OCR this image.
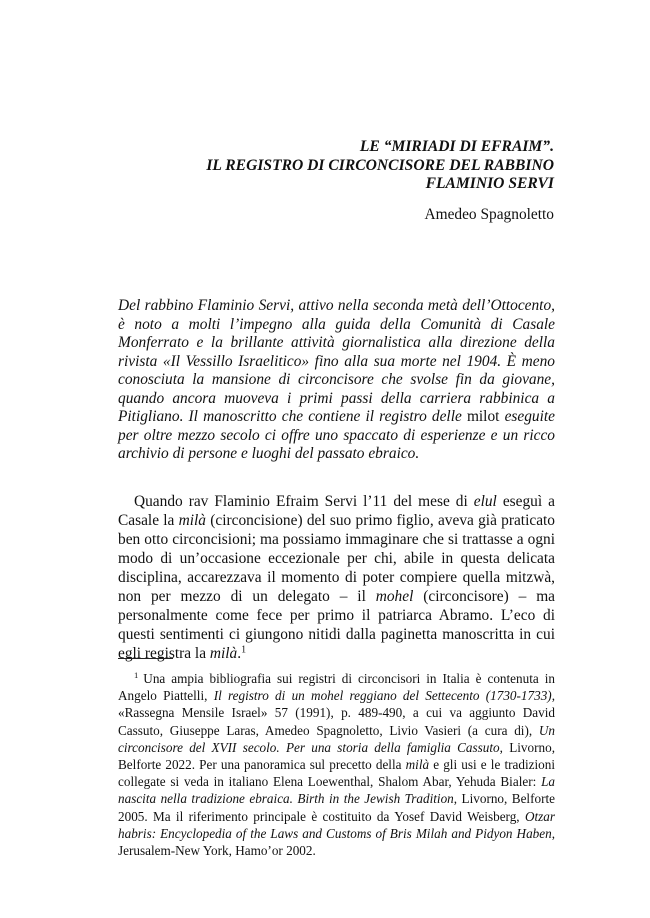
LE “MIRIADI DI EFRAIM”.
IL REGISTRO DI CIRCONCISORE DEL RABBINO
FLAMINIO SERVI
Amedeo Spagnoletto
Del rabbino Flaminio Servi, attivo nella seconda metà dell’Ottocento, è noto a molti l’impegno alla guida della Comunità di Casale Monferrato e la brillante attività giornalistica alla direzione della rivista «Il Vessillo Israelitico» fino alla sua morte nel 1904. È meno conosciuta la mansione di circoncisore che svolse fin da giovane, quando ancora muoveva i primi passi della carriera rabbinica a Pitigliano. Il manoscritto che contiene il registro delle milot eseguite per oltre mezzo secolo ci offre uno spaccato di esperienze e un ricco archivio di persone e luoghi del passato ebraico.

Quando rav Flaminio Efraim Servi l’11 del mese di elul eseguì a Casale la milà (circoncisione) del suo primo figlio, aveva già praticato ben otto circoncisioni; ma possiamo immaginare che si trattasse a ogni modo di un’occasione eccezionale per chi, abile in questa delicata disciplina, accarezzava il momento di poter compiere quella mitzwà, non per mezzo di un delegato – il mohel (circoncisore) – ma personalmente come fece per primo il patriarca Abramo. L’eco di questi sentimenti ci giungono nitidi dalla paginetta manoscritta in cui egli registra la milà.$^1$

$^1$ Una ampia bibliografia sui registri di circoncisori in Italia è contenuta in Angelo Piattelli, Il registro di un mohel reggiano del Settecento (1730-1733), «Rassegna Mensile Israel» 57 (1991), p. 489-490, a cui va aggiunto David Cassuto, Giuseppe Laras, Amedeo Spagnoletto, Livio Vasieri (a cura di), Un circoncisore del XVII secolo. Per una storia della famiglia Cassuto, Livorno, Belforte 2022. Per una panoramica sul precetto della milà e gli usi e le tradizioni collegate si veda in italiano Elena Loewenthal, Shalom Abar, Yehuda Bialer: La nascita nella tradizione ebraica. Birth in the Jewish Tradition, Livorno, Belforte 2005. Ma il riferimento principale è costituito da Yosef David Weisberg, Otzar habris: Encyclopedia of the Laws and Customs of Bris Milah and Pidyon Haben, Jerusalem-New York, Hamo’or 2002.
